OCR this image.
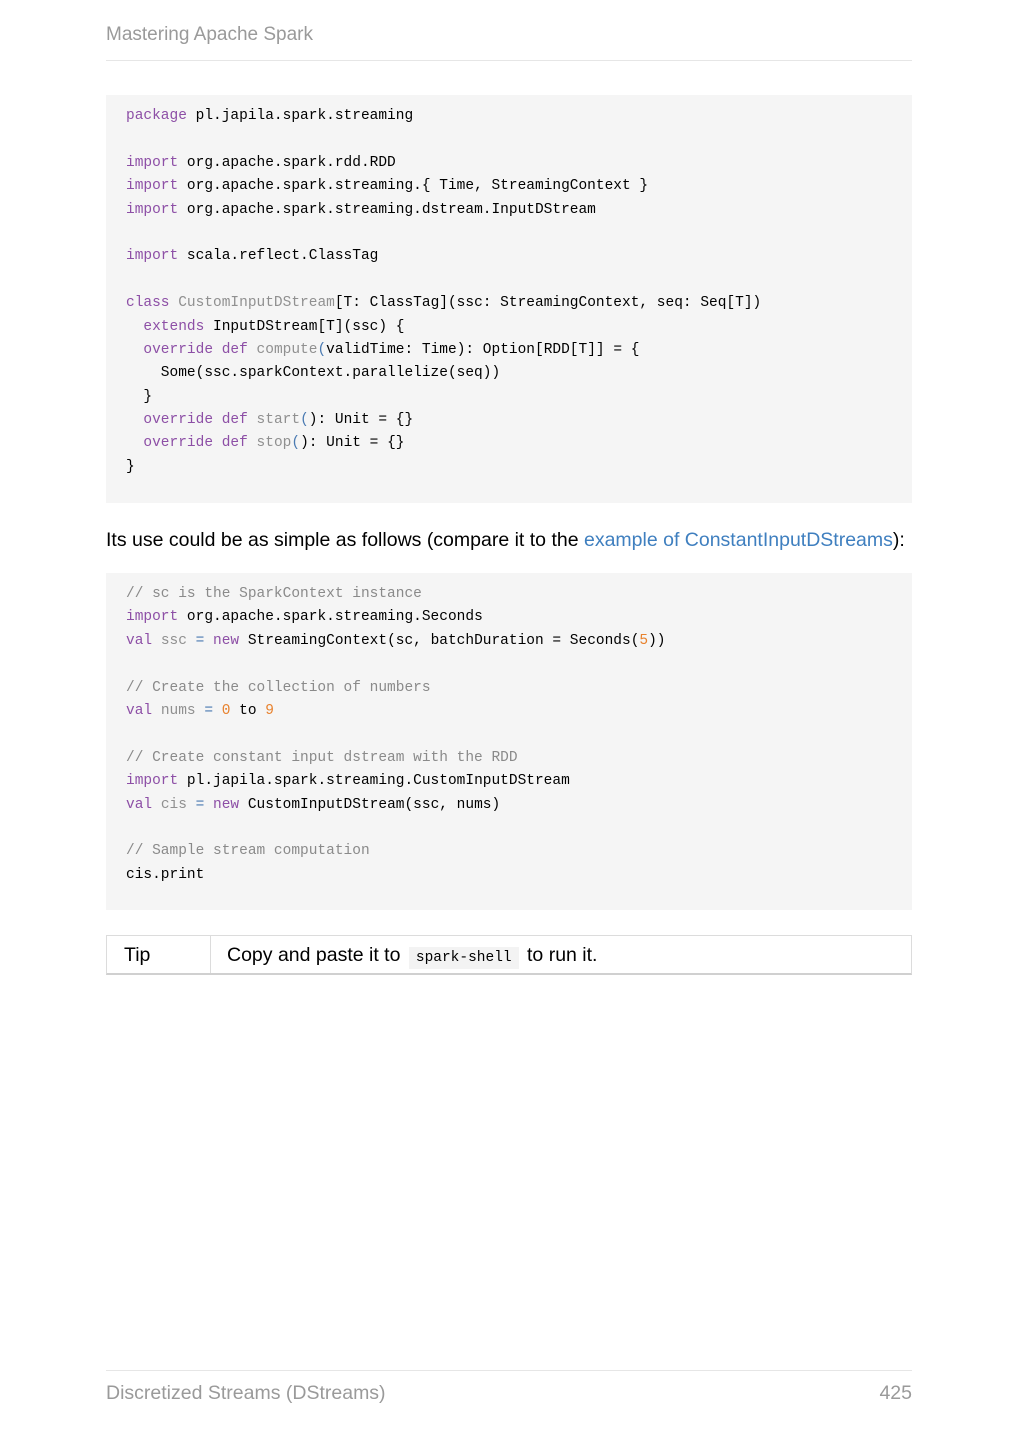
Mastering Apache Spark
package pl.japila.spark.streaming
import org.apache.spark.rdd.RDD
import org.apache.spark.streaming.{ Time, StreamingContext }
import org.apache.spark.streaming.dstream.InputDStream
import scala.reflect.ClassTag
class CustomInputDStream[T: ClassTag](ssc: StreamingContext, seq: Seq[T])
extends InputDStream[T](ssc) {
override def compute(validTime: Time): Option[RDD[T]] = {
Some(ssc.sparkContext.parallelize(seq))
}
override def start(): Unit = {}
override def stop(): Unit = {}
}
Its use could be as simple as follows (compare it to the example of ConstantInputDStreams):
// sc is the SparkContext instance
import org.apache.spark.streaming.Seconds
val ssc = new StreamingContext(sc, batchDuration = Seconds(5))
// Create the collection of numbers
val nums = 0 to 9
// Create constant input dstream with the RDD
import pl.japila.spark.streaming.CustomInputDStream
val cis = new CustomInputDStream(ssc, nums)
// Sample stream computation
cis.print
Tip	Copy and paste it to spark-shell to run it.
Discretized Streams (DStreams)	425
